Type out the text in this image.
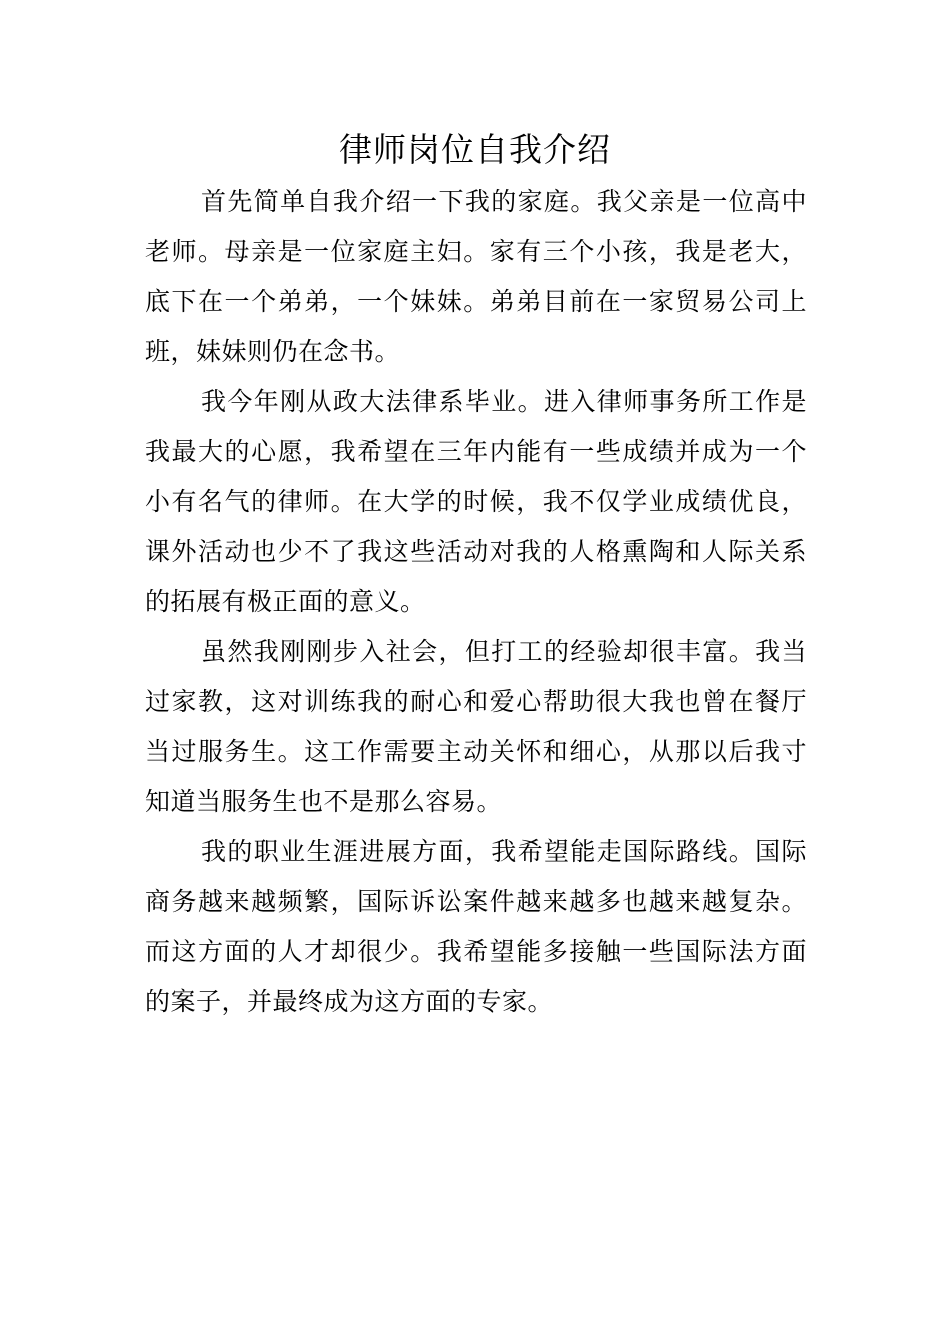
律师岗位自我介绍

首先简单自我介绍一下我的家庭。我父亲是一位高中老师。母亲是一位家庭主妇。家有三个小孩，我是老大，底下在一个弟弟，一个妹妹。弟弟目前在一家贸易公司上班，妹妹则仍在念书。

我今年刚从政大法律系毕业。进入律师事务所工作是我最大的心愿，我希望在三年内能有一些成绩并成为一个小有名气的律师。在大学的时候，我不仅学业成绩优良，课外活动也少不了我这些活动对我的人格熏陶和人际关系的拓展有极正面的意义。

虽然我刚刚步入社会，但打工的经验却很丰富。我当过家教，这对训练我的耐心和爱心帮助很大我也曾在餐厅当过服务生。这工作需要主动关怀和细心，从那以后我寸知道当服务生也不是那么容易。

我的职业生涯进展方面，我希望能走国际路线。国际商务越来越频繁，国际诉讼案件越来越多也越来越复杂。而这方面的人才却很少。我希望能多接触一些国际法方面的案子，并最终成为这方面的专家。
